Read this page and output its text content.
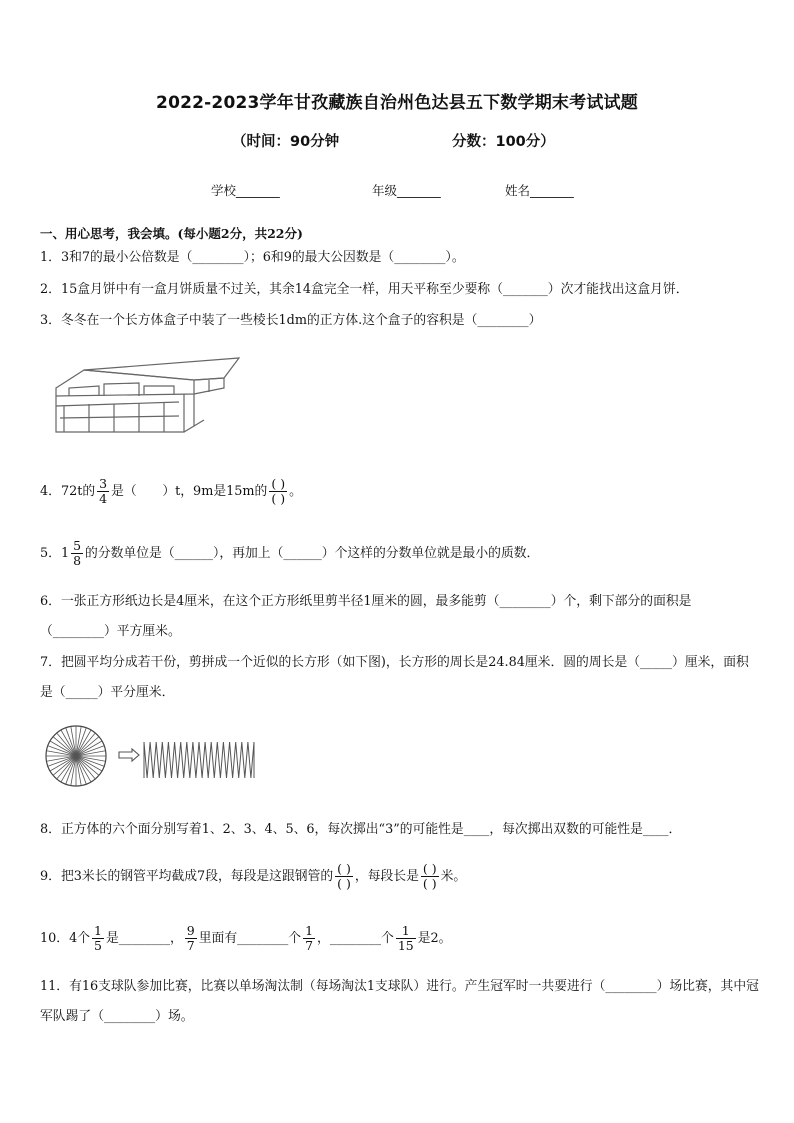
2022-2023学年甘孜藏族自治州色达县五下数学期末考试试题
（时间：90分钟	分数：100分）
学校_______	年级_______	姓名_______
一、用心思考，我会填。(每小题2分，共22分)
1．3和7的最小公倍数是（________）；6和9的最大公因数是（________）。
2．15盒月饼中有一盒月饼质量不过关，其余14盒完全一样，用天平称至少要称（_______）次才能找出这盒月饼．
3．冬冬在一个长方体盒子中装了一些棱长1dm的正方体.这个盒子的容积是（________）
4．72t的 $\frac{3}{4}$ 是（　　）t，9m是15m的 $\frac{( )}{( )}$ 。
5．$1 \frac{5}{8}$ 的分数单位是（______），再加上（______）个这样的分数单位就是最小的质数．
6．一张正方形纸边长是4厘米，在这个正方形纸里剪半径1厘米的圆，最多能剪（________）个，剩下部分的面积是（________）平方厘米。
7．把圆平均分成若干份，剪拼成一个近似的长方形（如下图)，长方形的周长是24.84厘米．圆的周长是（_____）厘米，面积是（_____）平分厘米．
8．正方体的六个面分别写着1、2、3、4、5、6，每次掷出“3”的可能性是____，每次掷出双数的可能性是____．
9．把3米长的钢管平均截成7段，每段是这跟钢管的 $\frac{( )}{( )}$ ，每段长是 $\frac{( )}{( )}$ 米。
10．4个 $\frac{1}{5}$ 是________， $\frac{9}{7}$ 里面有________个 $\frac{1}{7}$ ，________个 $\frac{1}{15}$ 是2。
11．有16支球队参加比赛，比赛以单场淘汰制（每场淘汰1支球队）进行。产生冠军时一共要进行（________）场比赛，其中冠军队踢了（________）场。
